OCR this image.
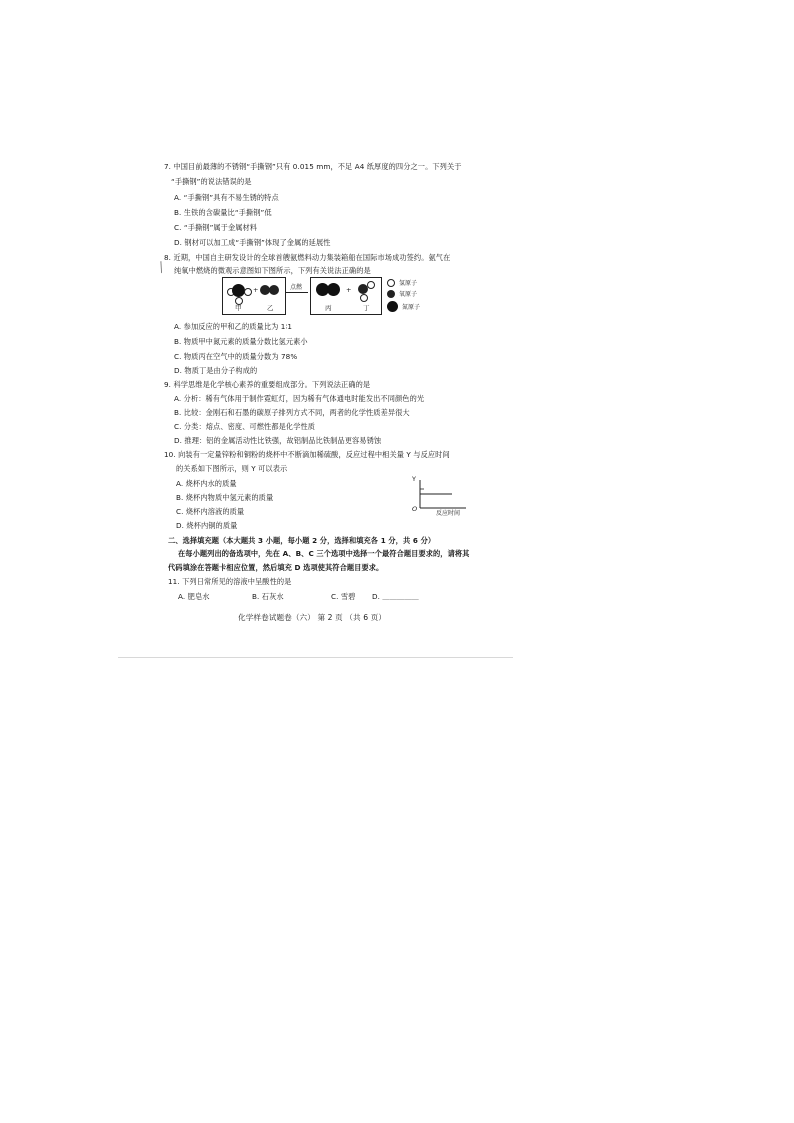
╱
7. 中国目前最薄的不锈钢“手撕钢”只有 0.015 mm，不足 A4 纸厚度的四分之一。下列关于
“手撕钢”的说法错误的是
A. “手撕钢”具有不易生锈的特点
B. 生铁的含碳量比“手撕钢”低
C. “手撕钢”属于金属材料
D. 钢材可以加工成“手撕钢”体现了金属的延展性
8. 近期，中国自主研发设计的全球首艘氨燃料动力集装箱船在国际市场成功签约。氨气在
纯氧中燃烧的微观示意图如下图所示，下列有关说法正确的是
+
甲	乙
点燃	+
丙	丁
氢原子
氧原子
氮原子
A. 参加反应的甲和乙的质量比为 1∶1
B. 物质甲中氮元素的质量分数比氢元素小
C. 物质丙在空气中的质量分数为 78%
D. 物质丁是由分子构成的
9. 科学思维是化学核心素养的重要组成部分。下列说法正确的是
A. 分析：稀有气体用于制作霓虹灯，因为稀有气体通电时能发出不同颜色的光
B. 比较：金刚石和石墨的碳原子排列方式不同，两者的化学性质差异很大
C. 分类：熔点、密度、可燃性都是化学性质
D. 推理：铝的金属活动性比铁强，故铝制品比铁制品更容易锈蚀
10. 向装有一定量锌粉和铜粉的烧杯中不断滴加稀硫酸，反应过程中相关量 Y 与反应时间
的关系如下图所示，则 Y 可以表示
A. 烧杯内水的质量
B. 烧杯内物质中氢元素的质量
C. 烧杯内溶液的质量
D. 烧杯内铜的质量
Y
O
反应时间
二、选择填充题（本大题共 3 小题，每小题 2 分，选择和填充各 1 分，共 6 分）
在每小题列出的备选项中，先在 A、B、C 三个选项中选择一个最符合题目要求的，请将其
代码填涂在答题卡相应位置，然后填充 D 选项使其符合题目要求。
11. 下列日常所见的溶液中呈酸性的是
A. 肥皂水	B. 石灰水	C. 雪碧 D. ＿＿＿＿＿
化学样卷试题卷（六） 第 2 页 （共 6 页）
